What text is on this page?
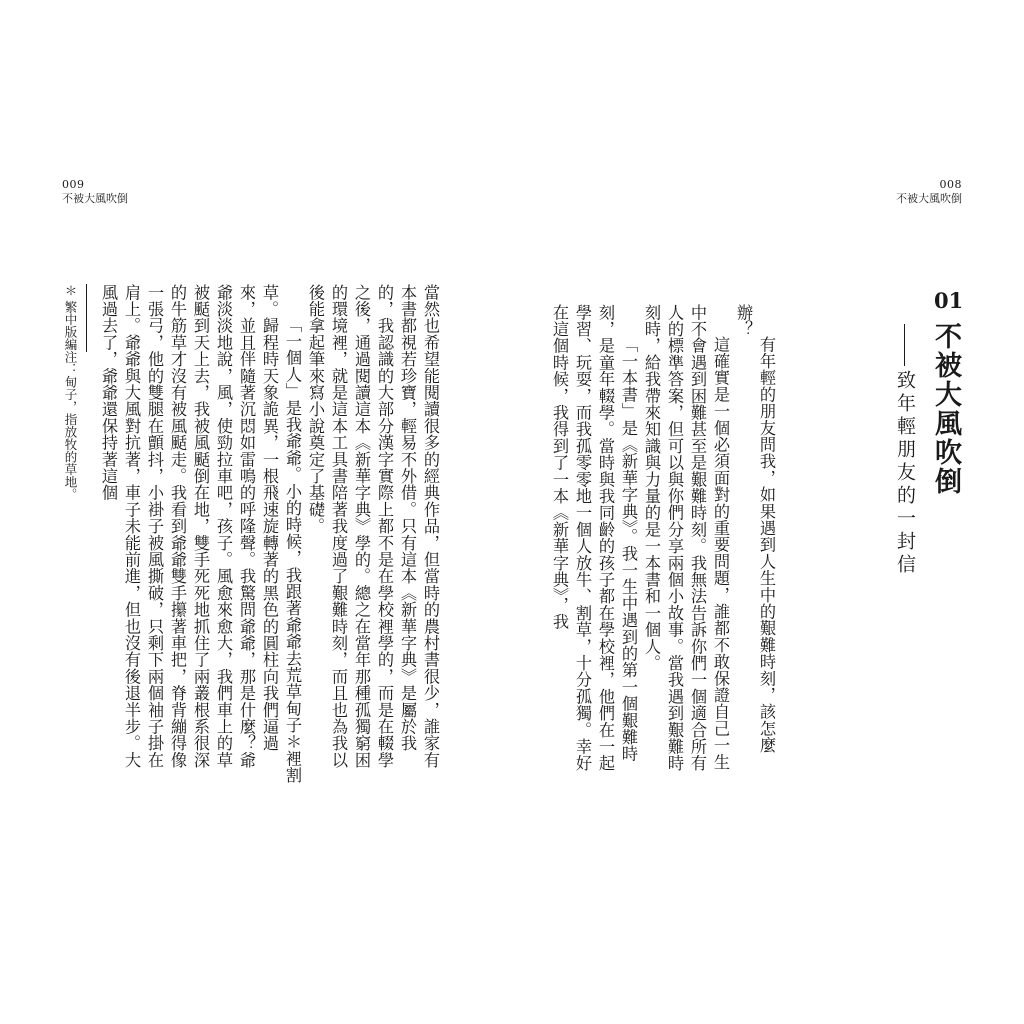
009
不被大風吹倒
008
不被大風吹倒
01
不被大風吹倒
致年輕朋友的一封信

有年輕的朋友問我，如果遇到人生中的艱難時刻，該怎麼辦？

這確實是一個必須面對的重要問題，誰都不敢保證自己一生中不會遇到困難甚至是艱難時刻。我無法告訴你們一個適合所有人的標準答案，但可以與你們分享兩個小故事。當我遇到艱難時刻時，給我帶來知識與力量的是一本書和一個人。

「一本書」是《新華字典》。我一生中遇到的第一個艱難時刻，是童年輟學。當時與我同齡的孩子都在學校裡，他們在一起學習、玩耍，而我孤零零地一個人放牛、割草，十分孤獨。幸好在這個時候，我得到了一本《新華字典》，我

當然也希望能閱讀很多的經典作品，但當時的農村書很少，誰家有本書都視若珍寶，輕易不外借。只有這本《新華字典》是屬於我的，我認識的大部分漢字實際上都不是在學校裡學的，而是在輟學之後，通過閱讀這本《新華字典》學的。總之在當年那種孤獨窮困的環境裡，就是這本工具書陪著我度過了艱難時刻，而且也為我以後能拿起筆來寫小說奠定了基礎。

「一個人」是我爺爺。小的時候，我跟著爺爺去荒草甸子＊裡割草。歸程時天象詭異，一根飛速旋轉著的黑色的圓柱向我們逼過來，並且伴隨著沉悶如雷鳴的呼隆聲。我驚問爺爺，那是什麼？爺爺淡淡地說，風，使勁拉車吧，孩子。風愈來愈大，我們車上的草被颳到天上去，我被風颳倒在地，雙手死死地抓住了兩叢根系很深的牛筋草才沒有被風颳走。我看到爺爺雙手攥著車把，脊背繃得像一張弓，他的雙腿在顫抖，小褂子被風撕破，只剩下兩個袖子掛在肩上。爺爺與大風對抗著，車子未能前進，但也沒有後退半步。大風過去了，爺爺還保持著這個

＊ 繁中版編注：甸子，指放牧的草地。
